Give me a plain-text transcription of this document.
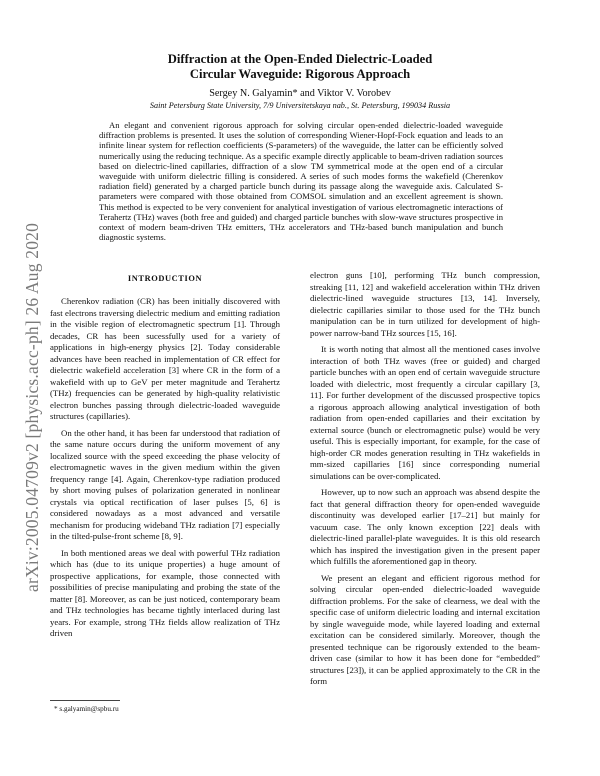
arXiv:2005.04709v2 [physics.acc-ph] 26 Aug 2020
Diffraction at the Open-Ended Dielectric-Loaded
Circular Waveguide: Rigorous Approach
Sergey N. Galyamin* and Viktor V. Vorobev
Saint Petersburg State University, 7/9 Universitetskaya nab., St. Petersburg, 199034 Russia

An elegant and convenient rigorous approach for solving circular open-ended dielectric-loaded waveguide diffraction problems is presented. It uses the solution of corresponding Wiener-Hopf-Fock equation and leads to an infinite linear system for reflection coefficients (S-parameters) of the waveguide, the latter can be efficiently solved numerically using the reducing technique. As a specific example directly applicable to beam-driven radiation sources based on dielectric-lined capillaries, diffraction of a slow TM symmetrical mode at the open end of a circular waveguide with uniform dielectric filling is considered. A series of such modes forms the wakefield (Cherenkov radiation field) generated by a charged particle bunch during its passage along the waveguide axis. Calculated S-parameters were compared with those obtained from COMSOL simulation and an excellent agreement is shown. This method is expected to be very convenient for analytical investigation of various electromagnetic interactions of Terahertz (THz) waves (both free and guided) and charged particle bunches with slow-wave structures prospective in context of modern beam-driven THz emitters, THz accelerators and THz-based bunch manipulation and bunch diagnostic systems.

INTRODUCTION

Cherenkov radiation (CR) has been initially discovered with fast electrons traversing dielectric medium and emitting radiation in the visible region of electromagnetic spectrum [1]. Through decades, CR has been sucessfully used for a variety of applications in high-energy physics [2]. Today considerable advances have been reached in implementation of CR effect for dielectric wakefield acceleration [3] where CR in the form of a wakefield with up to GeV per meter magnitude and Terahertz (THz) frequencies can be generated by high-quality relativistic electron bunches passing through dielectric-loaded waveguide structures (capillaries).

On the other hand, it has been far understood that radiation of the same nature occurs during the uniform movement of any localized source with the speed exceeding the phase velocity of electromagnetic waves in the given medium within the given frequency range [4]. Again, Cherenkov-type radiation produced by short moving pulses of polarization generated in nonlinear crystals via optical rectification of laser pulses [5, 6] is considered nowadays as a most advanced and versatile mechanism for producing wideband THz radiation [7] especially in the tilted-pulse-front scheme [8, 9].

In both mentioned areas we deal with powerful THz radiation which has (due to its unique properties) a huge amount of prospective applications, for example, those connected with possibilities of precise manipulating and probing the state of the matter [8]. Moreover, as can be just noticed, contemporary beam and THz technologies has became tightly interlaced during last years. For example, strong THz fields allow realization of THz driven

electron guns [10], performing THz bunch compression, streaking [11, 12] and wakefield acceleration within THz driven dielectric-lined waveguide structures [13, 14]. Inversely, dielectric capillaries similar to those used for the THz bunch manipulation can be in turn utilized for development of high-power narrow-band THz sources [15, 16].

It is worth noting that almost all the mentioned cases involve interaction of both THz waves (free or guided) and charged particle bunches with an open end of certain waveguide structure loaded with dielectric, most frequently a circular capillary [3, 11]. For further development of the discussed prospective topics a rigorous approach allowing analytical investigation of both radiation from open-ended capillaries and their excitation by external source (bunch or electromagnetic pulse) would be very useful. This is especially important, for example, for the case of high-order CR modes generation resulting in THz wakefields in mm-sized capillaries [16] since corresponding numerial simulations can be over-complicated.

However, up to now such an approach was absend despite the fact that general diffraction theory for open-ended waveguide discontinuity was developed earlier [17–21] but mainly for vacuum case. The only known exception [22] deals with dielectric-lined parallel-plate waveguides. It is this old research which has inspired the investigation given in the present paper which fulfills the aforementioned gap in theory.

We present an elegant and efficient rigorous method for solving circular open-ended dielectric-loaded waveguide diffraction problems. For the sake of clearness, we deal with the specific case of uniform dielectric loading and internal excitation by single waveguide mode, while layered loading and external excitation can be considered similarly. Moreover, though the presented technique can be rigorously extended to the beam-driven case (similar to how it has been done for “embedded” structures [23]), it can be applied approximately to the CR in the form

* s.galyamin@spbu.ru
